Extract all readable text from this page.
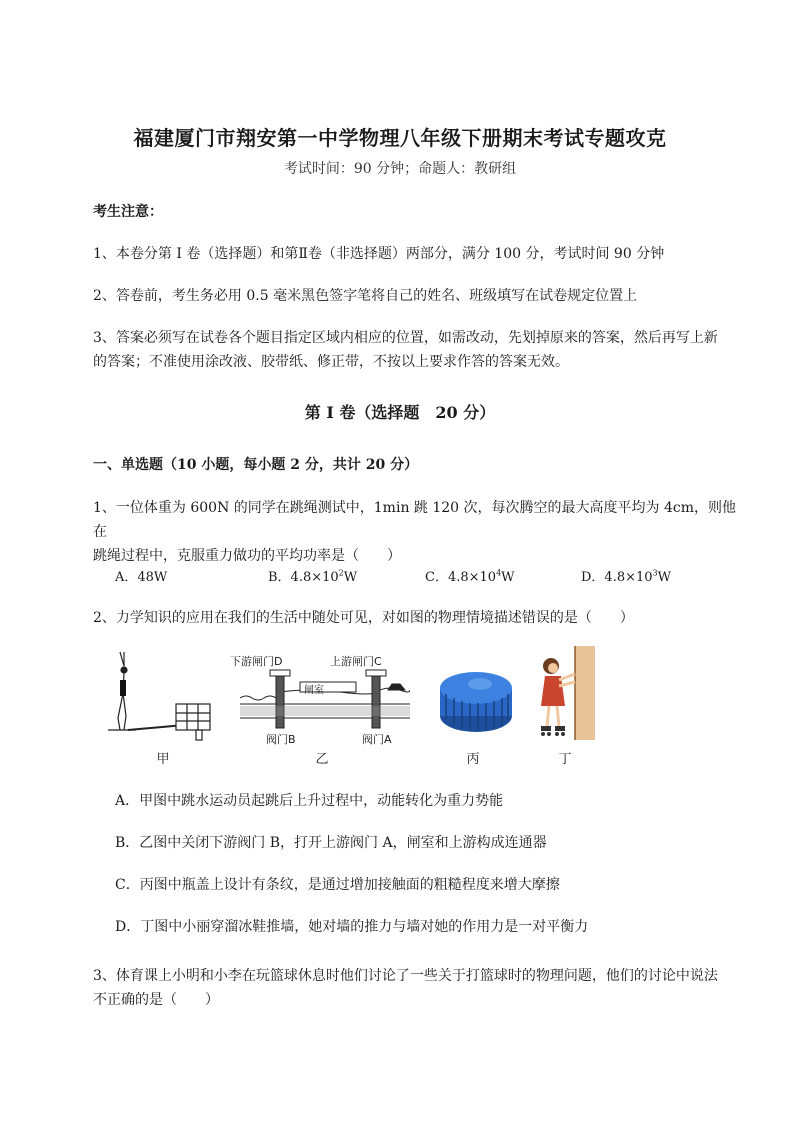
福建厦门市翔安第一中学物理八年级下册期末考试专题攻克
考试时间：90 分钟；命题人：教研组
考生注意：
1、本卷分第 I 卷（选择题）和第Ⅱ卷（非选择题）两部分，满分 100 分，考试时间 90 分钟
2、答卷前，考生务必用 0.5 毫米黑色签字笔将自己的姓名、班级填写在试卷规定位置上
3、答案必须写在试卷各个题目指定区域内相应的位置，如需改动，先划掉原来的答案，然后再写上新
的答案；不准使用涂改液、胶带纸、修正带，不按以上要求作答的答案无效。
第 I 卷（选择题　20 分）
一、单选题（10 小题，每小题 2 分，共计 20 分）
1、一位体重为 600N 的同学在跳绳测试中，1min 跳 120 次，每次腾空的最大高度平均为 4cm，则他在
跳绳过程中，克服重力做功的平均功率是（　　）
A．48W	B．$4.8\times 10^2W$	C．$4.8\times 10^4W$	D．$4.8\times 10^3W$
2、力学知识的应用在我们的生活中随处可见，对如图的物理情境描述错误的是（　　）
甲
下游闸门D	上游闸门C
闸室
阀门B	阀门A
乙	丙	丁
A．甲图中跳水运动员起跳后上升过程中，动能转化为重力势能
B．乙图中关闭下游阀门 B，打开上游阀门 A，闸室和上游构成连通器
C．丙图中瓶盖上设计有条纹，是通过增加接触面的粗糙程度来增大摩擦
D．丁图中小丽穿溜冰鞋推墙，她对墙的推力与墙对她的作用力是一对平衡力
3、体育课上小明和小李在玩篮球休息时他们讨论了一些关于打篮球时的物理问题，他们的讨论中说法
不正确的是（　　）
